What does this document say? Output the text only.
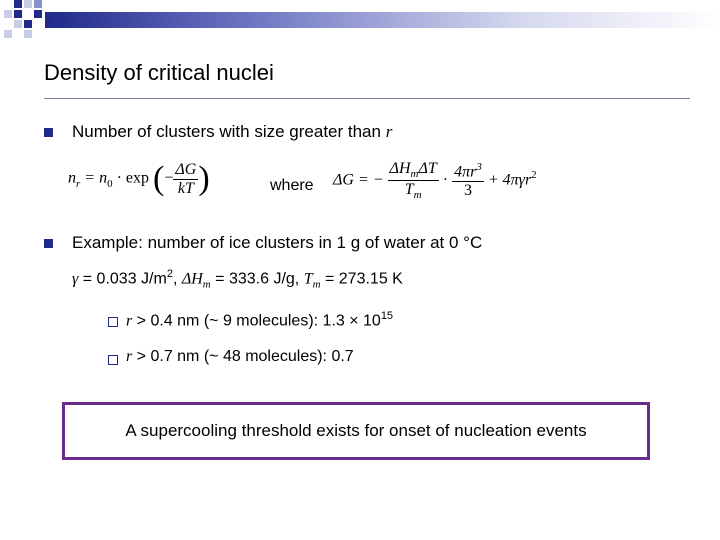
Density of critical nuclei
Number of clusters with size greater than r
$n_r = n_0 \cdot \exp$ (− $\frac{\Delta G}{kT}$ )	where ΔG = − $\frac{\Delta H_m\Delta T}{T_m} \cdot \frac{4\pi r^3}{3} + 4\pi\gamma r^2$
Example: number of ice clusters in 1 g of water at 0 °C
γ = 0.033 $J/m^2$, $\Delta H_m = 333.6$ J/g, $T_m = 273.15$ K
r > 0.4 nm (~ 9 molecules): $1.3 \times 10^{15}$
r > 0.7 nm (~ 48 molecules): 0.7
A supercooling threshold exists for onset of nucleation events
